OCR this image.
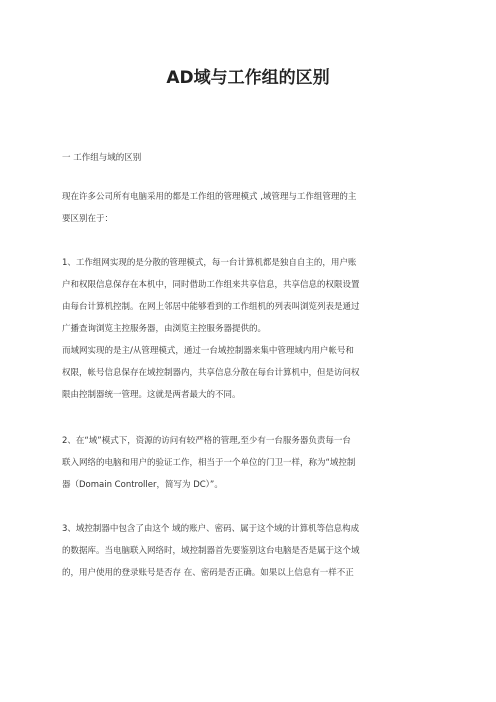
AD域与工作组的区别

一 工作组与域的区别

现在许多公司所有电脑采用的都是工作组的管理模式 ,域管理与工作组管理的主
要区别在于：

1、工作组网实现的是分散的管理模式，每一台计算机都是独自自主的，用户账
户和权限信息保存在本机中，同时借助工作组来共享信息，共享信息的权限设置
由每台计算机控制。在网上邻居中能够看到的工作组机的列表叫浏览列表是通过
广播查询浏览主控服务器，由浏览主控服务器提供的。

而域网实现的是主/从管理模式，通过一台域控制器来集中管理域内用户帐号和
权限，帐号信息保存在域控制器内，共享信息分散在每台计算机中，但是访问权
限由控制器统一管理。这就是两者最大的不同。

2、在“域”模式下，资源的访问有较严格的管理,至少有一台服务器负责每一台
联入网络的电脑和用户的验证工作，相当于一个单位的门卫一样，称为“域控制
器（Domain Controller，简写为 DC）”。

3、域控制器中包含了由这个 域的账户、密码、属于这个域的计算机等信息构成
的数据库。当电脑联入网络时，域控制器首先要鉴别这台电脑是否是属于这个域
的，用户使用的登录账号是否存 在、密码是否正确。如果以上信息有一样不正
